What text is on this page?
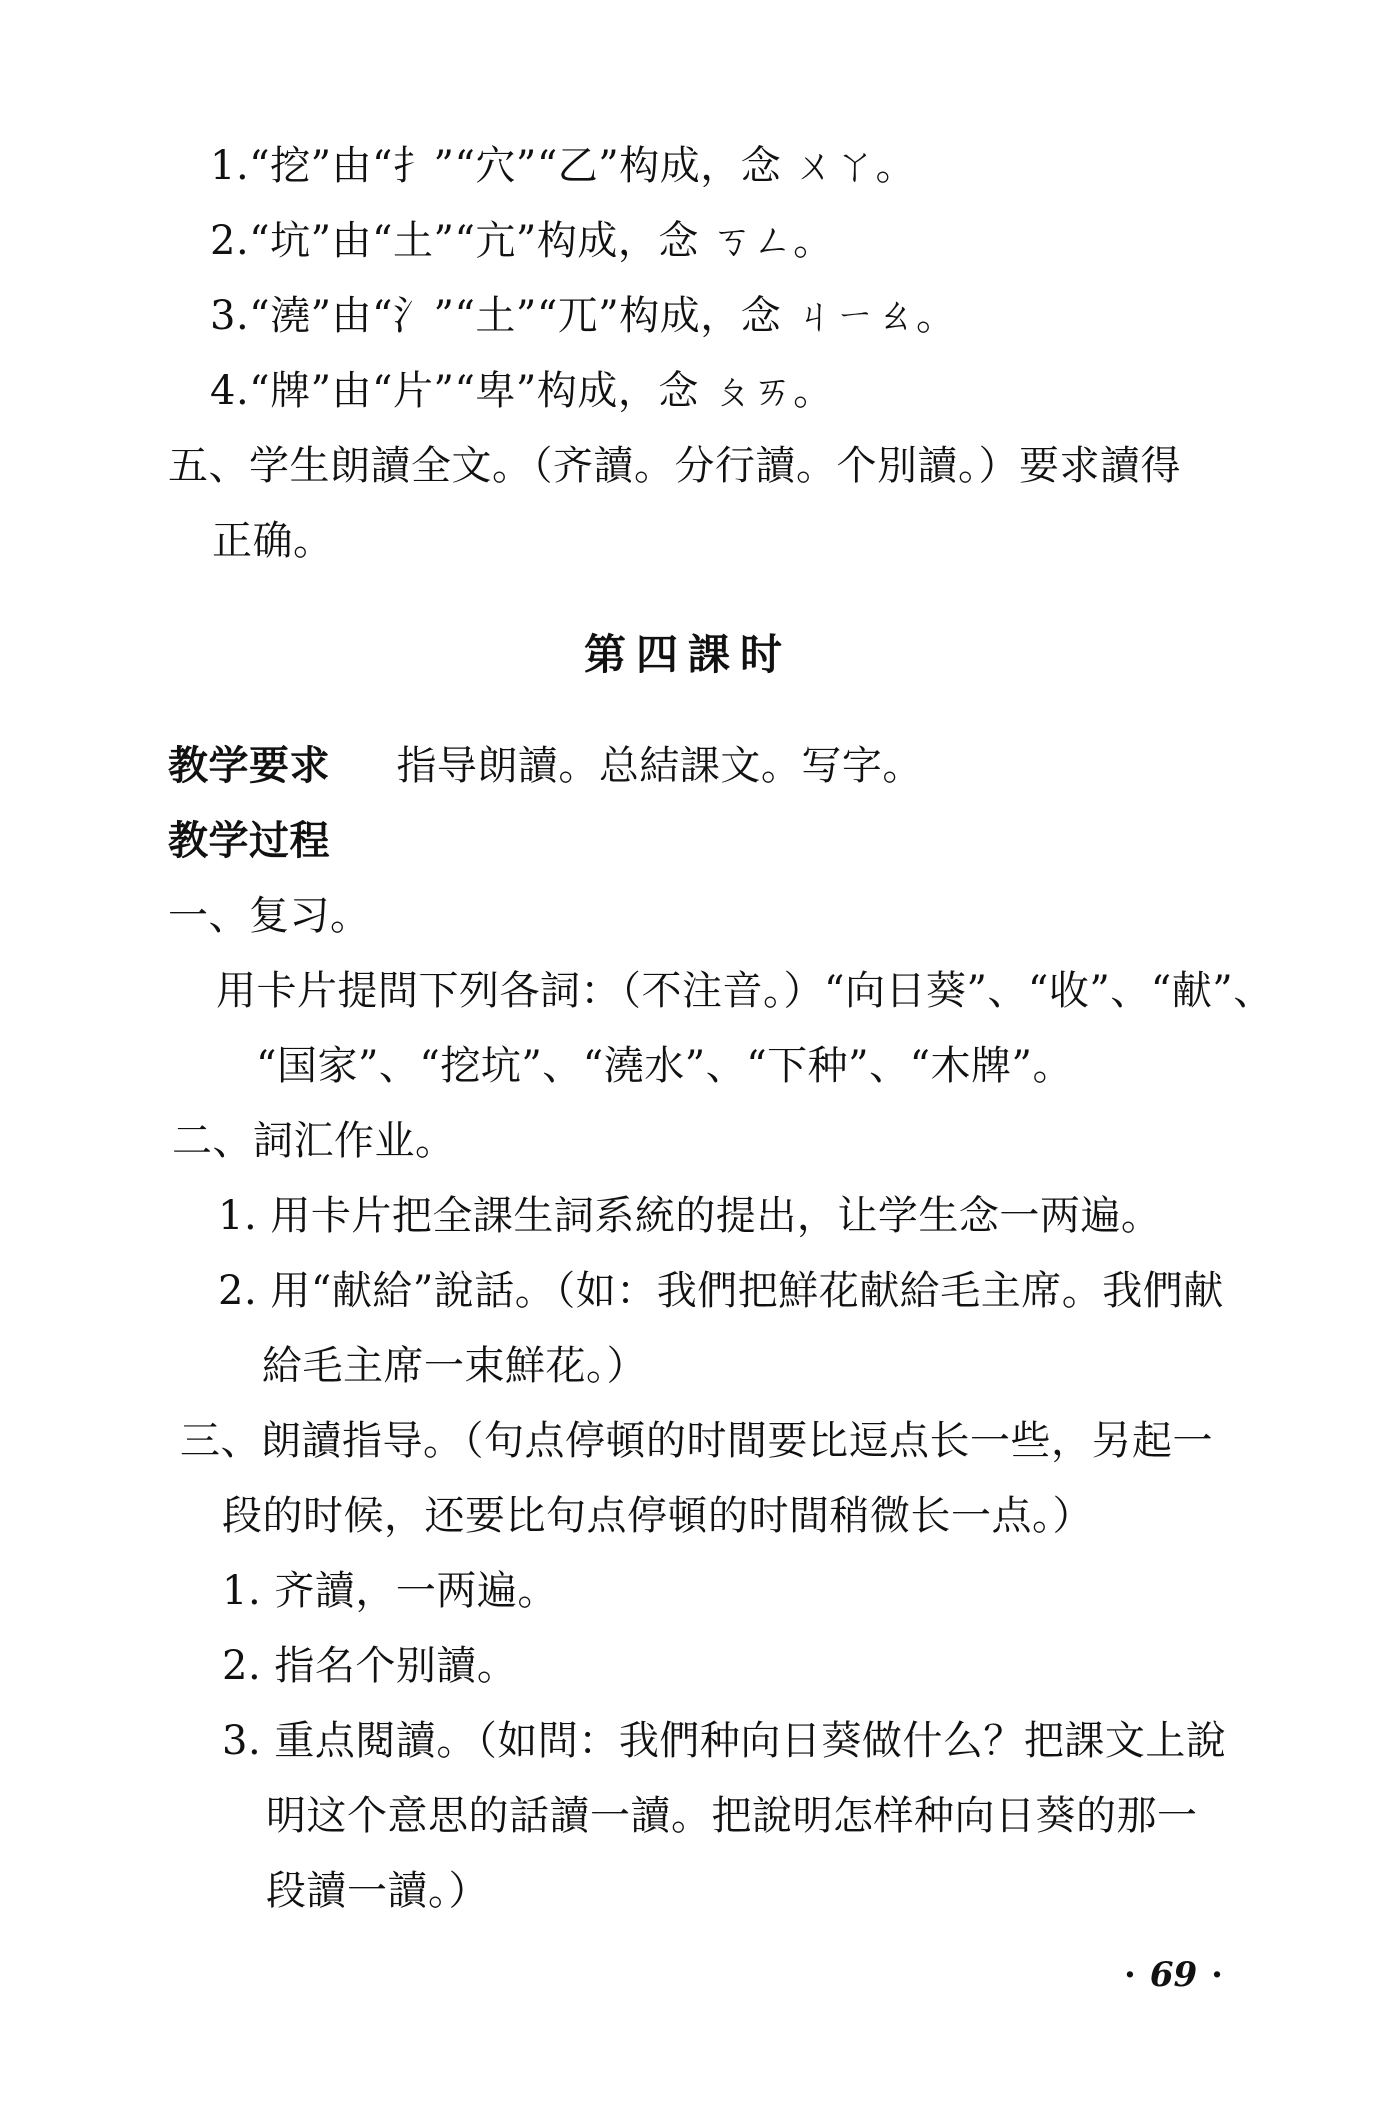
1.“挖”由“扌”“穴”“乙”构成，念 ㄨㄚ。
2.“坑”由“土”“亢”构成，念 ㄎㄥ。
3.“澆”由“氵”“土”“兀”构成，念 ㄐㄧㄠ。
4.“牌”由“片”“卑”构成，念 ㄆㄞ。
五、学生朗讀全文。（齐讀。分行讀。个別讀。）要求讀得
正确。
第四課时
教学要求 指导朗讀。总結課文。写字。
教学过程
一、复习。
用卡片提問下列各詞：（不注音。）“向日葵”、“收”、“献”、
“国家”、“挖坑”、“澆水”、“下种”、“木牌”。
二、詞汇作业。
1. 用卡片把全課生詞系統的提出，让学生念一两遍。
2. 用“献給”說話。（如：我們把鮮花献給毛主席。我們献
給毛主席一束鮮花。）
三、朗讀指导。（句点停頓的时間要比逗点长一些，另起一
段的时候，还要比句点停頓的时間稍微长一点。）
1. 齐讀，一两遍。
2. 指名个别讀。
3. 重点閱讀。（如問：我們种向日葵做什么？把課文上說
明这个意思的話讀一讀。把說明怎样种向日葵的那一
段讀一讀。）
· 69 ·
